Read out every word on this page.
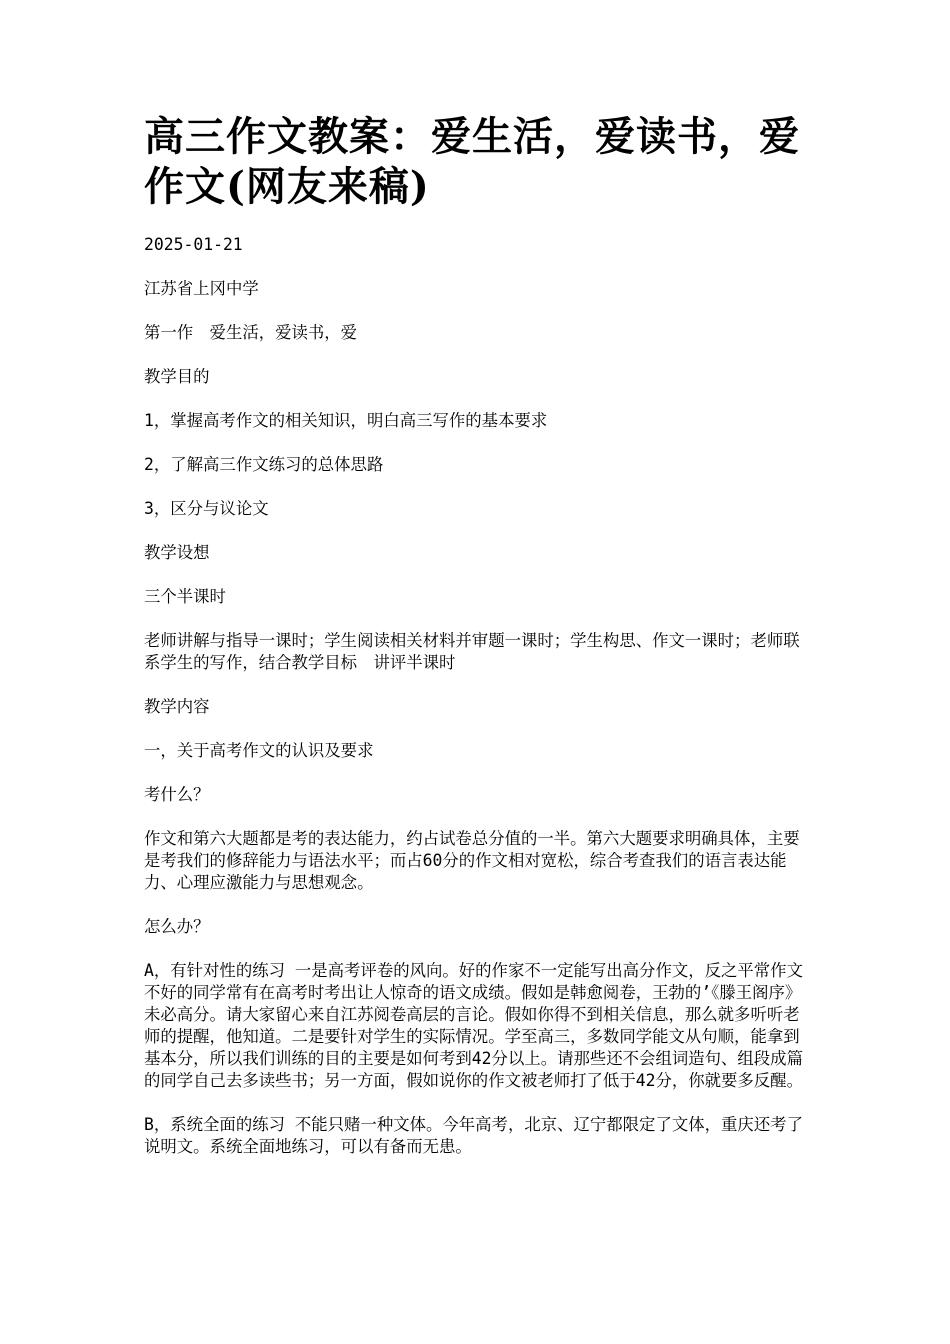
高三作文教案：爱生活，爱读书，爱作文(网友来稿)

2025-01-21

江苏省上冈中学

第一作　爱生活，爱读书，爱

教学目的

1，掌握高考作文的相关知识，明白高三写作的基本要求

2，了解高三作文练习的总体思路

3，区分与议论文

教学设想

三个半课时

老师讲解与指导一课时；学生阅读相关材料并审题一课时；学生构思、作文一课时；老师联系学生的写作，结合教学目标　讲评半课时

教学内容

一，关于高考作文的认识及要求

考什么？

作文和第六大题都是考的表达能力，约占试卷总分值的一半。第六大题要求明确具体，主要是考我们的修辞能力与语法水平；而占60分的作文相对宽松，综合考查我们的语言表达能力、心理应激能力与思想观念。

怎么办？

A，有针对性的练习 一是高考评卷的风向。好的作家不一定能写出高分作文，反之平常作文不好的同学常有在高考时考出让人惊奇的语文成绩。假如是韩愈阅卷，王勃的’《滕王阁序》未必高分。请大家留心来自江苏阅卷高层的言论。假如你得不到相关信息，那么就多听听老师的提醒，他知道。二是要针对学生的实际情况。学至高三，多数同学能文从句顺，能拿到基本分，所以我们训练的目的主要是如何考到42分以上。请那些还不会组词造句、组段成篇的同学自己去多读些书；另一方面，假如说你的作文被老师打了低于42分，你就要多反醒。

B，系统全面的练习 不能只赌一种文体。今年高考，北京、辽宁都限定了文体，重庆还考了说明文。系统全面地练习，可以有备而无患。
